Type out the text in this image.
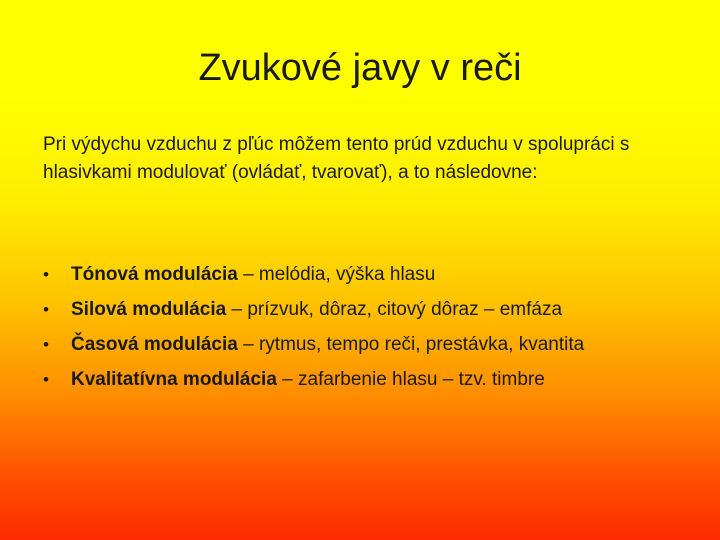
Zvukové javy v reči

Pri výdychu vzduchu z pľúc môžem tento prúd vzduchu v spolupráci s hlasivkami modulovať (ovládať, tvarovať), a to následovne:

• Tónová modulácia – melódia, výška hlasu
• Silová modulácia – prízvuk, dôraz, citový dôraz – emfáza
• Časová modulácia – rytmus, tempo reči, prestávka, kvantita
• Kvalitatívna modulácia – zafarbenie hlasu – tzv. timbre
